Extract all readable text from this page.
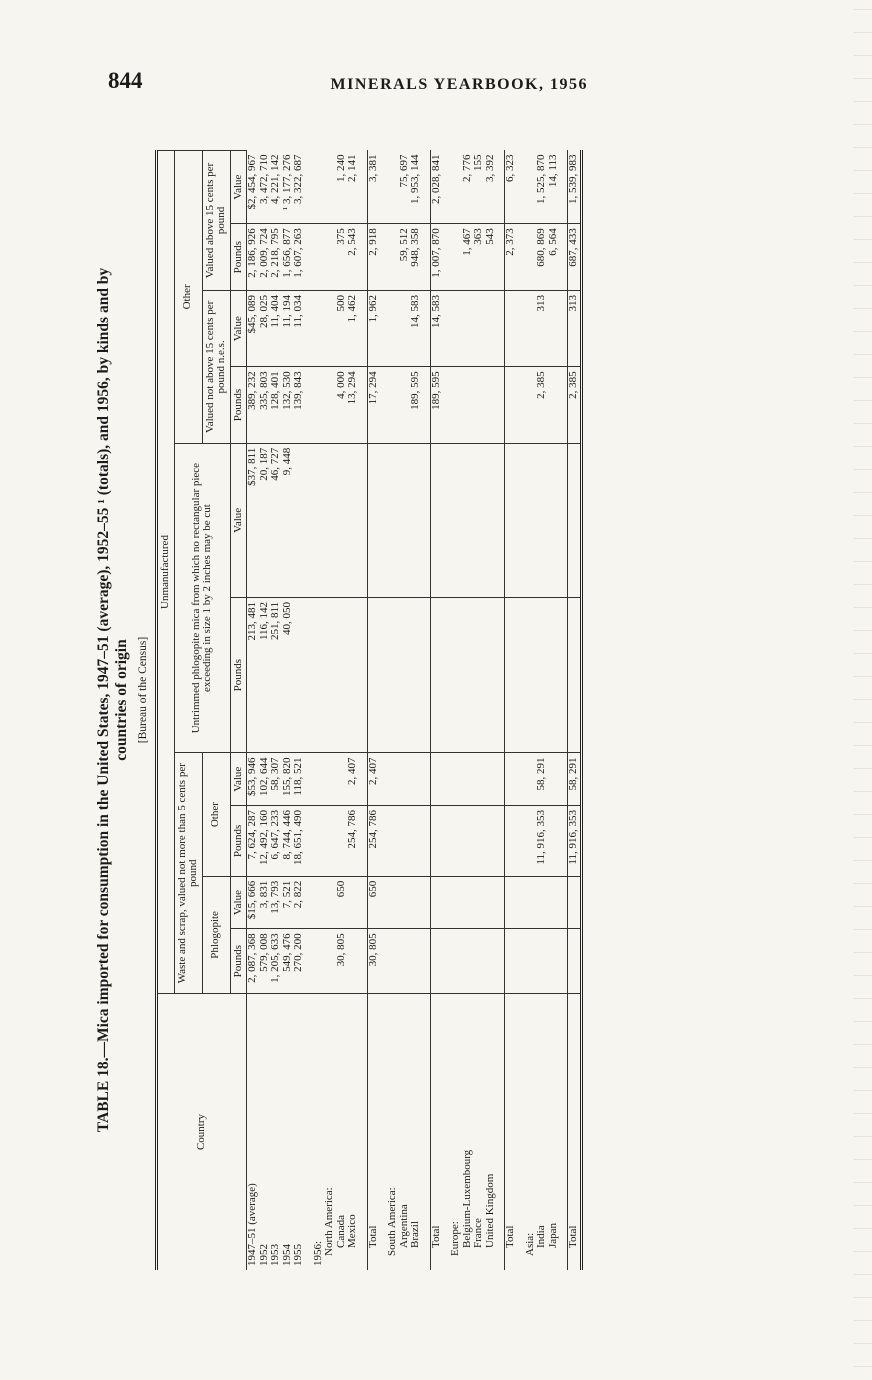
844	MINERALS YEARBOOK, 1956
TABLE 18.—Mica imported for consumption in the United States, 1947–51 (average), 1952–55 ¹ (totals), and 1956, by kinds and by countries of origin [Bureau of the Census]
Country	Unmanufactured									
	Waste and scrap, valued not more than 5 cents per pound				Untrimmed phlogopite mica from which no rectangular piece exceeding in size 1 by 2 inches may be cut		Other			
	Phlogopite		Other				Valued not above 15 cents per pound n.e.s.		Valued above 15 cents per pound	
	Pounds	Value	Pounds	Value	Pounds	Value	Pounds	Value	Pounds	Value
1947–51 (average)	2, 087, 368	$15, 666	7, 624, 287	$53, 946	213, 481	$37, 811	389, 232	$45, 089	2, 186, 926	$2, 454, 967
1952	579, 008	3, 831	12, 492, 160	102, 644	116, 142	20, 187	335, 803	28, 025	2, 009, 724	3, 472, 710
1953	1, 205, 633	13, 793	6, 647, 233	58, 307	251, 811	46, 727	128, 401	11, 404	2, 218, 795	4, 221, 142
1954	549, 476	7, 521	8, 744, 446	155, 820	40, 050	9, 448	132, 530	11, 194	1, 656, 877	¹ 3, 177, 276
1955	270, 200	2, 822	18, 651, 490	118, 521			139, 843	11, 034	1, 607, 263	3, 322, 687

1956:										
North America:										
Canada	30, 805	650					4, 000	500	375	1, 240
Mexico			254, 786	2, 407			13, 294	1, 462	2, 543	2, 141

Total	30, 805	650	254, 786	2, 407			17, 294	1, 962	2, 918	3, 381

South America:										
Argentina									59, 512	75, 697
Brazil							189, 595	14, 583	948, 358	1, 953, 144

Total							189, 595	14, 583	1, 007, 870	2, 028, 841

Europe:										
Belgium-Luxembourg									1, 467	2, 776
France									363	155
United Kingdom									543	3, 392

Total									2, 373	6, 323

Asia:										
India			11, 916, 353	58, 291			2, 385	313	680, 869	1, 525, 870
Japan									6, 564	14, 113

Total			11, 916, 353	58, 291			2, 385	313	687, 433	1, 539, 983
